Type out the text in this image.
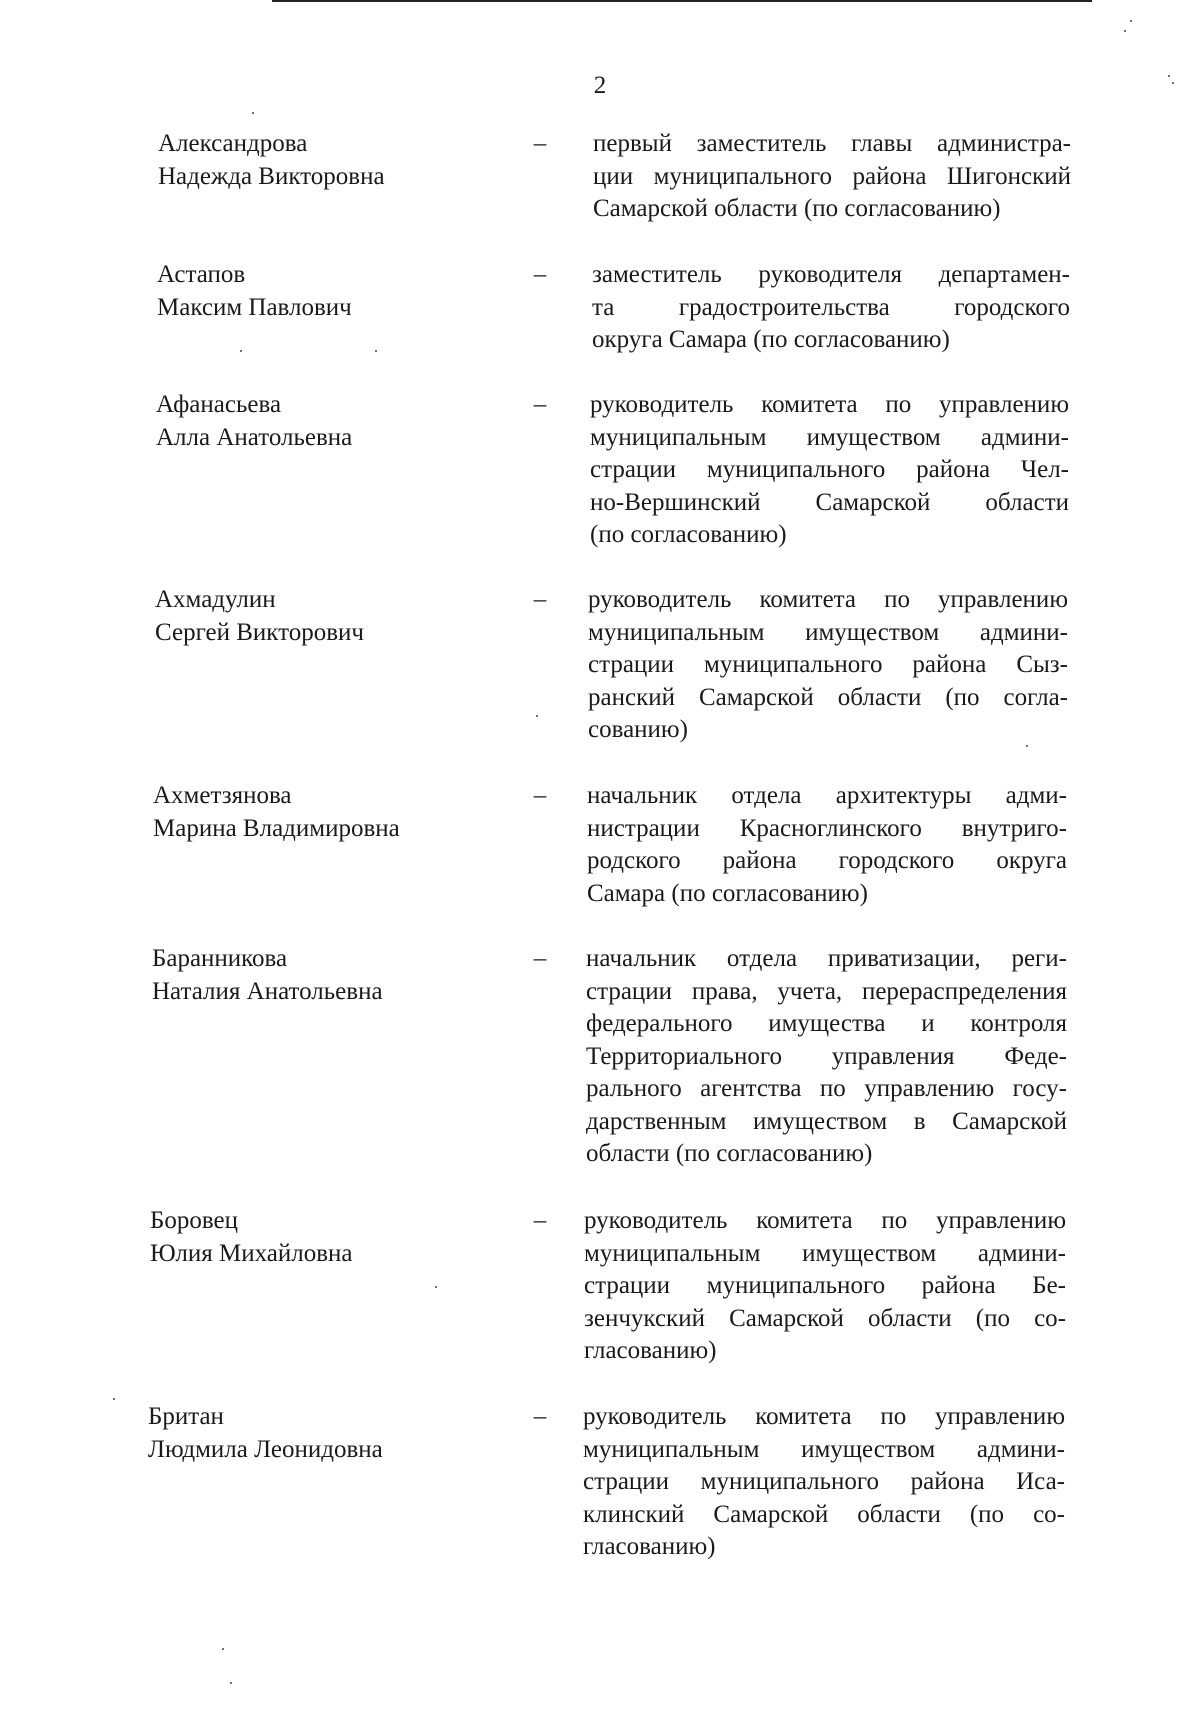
2
Александрова
Надежда Викторовна
– первый заместитель главы администра-
ции муниципального района Шигонский
Самарской области (по согласованию)
Астапов
Максим Павлович
– заместитель руководителя департамен-
та градостроительства городского
округа Самара (по согласованию)
Афанасьева
Алла Анатольевна
– руководитель комитета по управлению
муниципальным имуществом админи-
страции муниципального района Чел-
но-Вершинский Самарской области
(по согласованию)
Ахмадулин
Сергей Викторович
– руководитель комитета по управлению
муниципальным имуществом админи-
страции муниципального района Сыз-
ранский Самарской области (по согла-
сованию)
Ахметзянова
Марина Владимировна
– начальник отдела архитектуры адми-
нистрации Красноглинского внутриго-
родского района городского округа
Самара (по согласованию)
Баранникова
Наталия Анатольевна
– начальник отдела приватизации, реги-
страции права, учета, перераспределения
федерального имущества и контроля
Территориального управления Феде-
рального агентства по управлению госу-
дарственным имуществом в Самарской
области (по согласованию)
Боровец
Юлия Михайловна
– руководитель комитета по управлению
муниципальным имуществом админи-
страции муниципального района Бе-
зенчукский Самарской области (по со-
гласованию)
Британ
Людмила Леонидовна
– руководитель комитета по управлению
муниципальным имуществом админи-
страции муниципального района Иса-
клинский Самарской области (по со-
гласованию)
